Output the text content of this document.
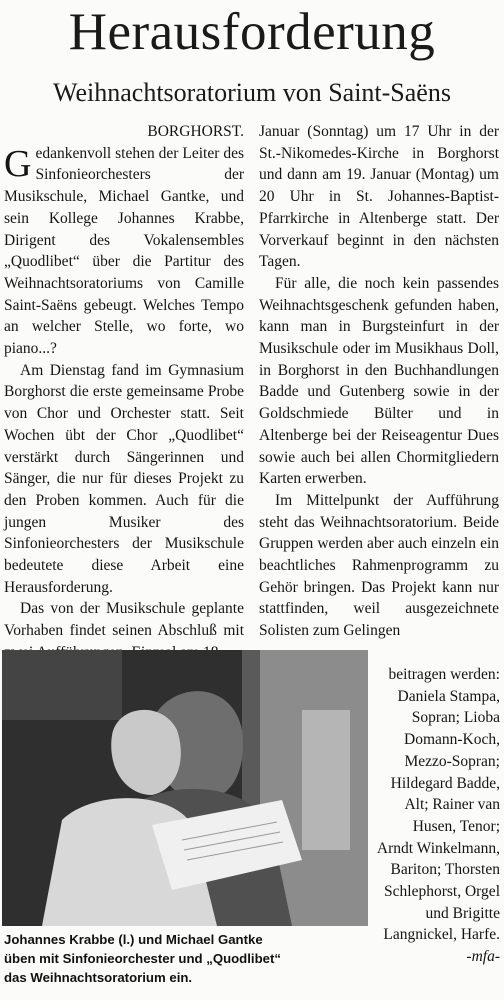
Herausforderung
Weihnachtsoratorium von Saint-Saëns
BORGHORST.

Gedankenvoll stehen der Leiter des Sinfonieorchesters der Musikschule, Michael Gantke, und sein Kollege Johannes Krabbe, Dirigent des Vokalensembles „Quodlibet“ über die Partitur des Weihnachtsoratoriums von Camille Saint-Saëns gebeugt. Welches Tempo an welcher Stelle, wo forte, wo piano...?

Am Dienstag fand im Gymnasium Borghorst die erste gemeinsame Probe von Chor und Orchester statt. Seit Wochen übt der Chor „Quodlibet“ verstärkt durch Sängerinnen und Sänger, die nur für dieses Projekt zu den Proben kommen. Auch für die jungen Musiker des Sinfonieorchesters der Musikschule bedeutete diese Arbeit eine Herausforderung.

Das von der Musikschule geplante Vorhaben findet seinen Abschluß mit

Januar (Sonntag) um 17 Uhr in der St.-Nikomedes-Kirche in Borghorst und dann am 19. Januar (Montag) um 20 Uhr in St. Johannes-Baptist-Pfarrkirche in Altenberge statt. Der Vorverkauf beginnt in den nächsten Tagen.

Für alle, die noch kein passendes Weihnachtsgeschenk gefunden haben, kann man in Burgsteinfurt in der Musikschule oder im Musikhaus Doll, in Borghorst in den Buchhandlungen Badde und Gutenberg sowie in der Goldschmiede Bülter und in Altenberge bei der Reiseagentur Dues sowie auch bei allen Chormitgliedern Karten erwerben.

Im Mittelpunkt der Aufführung steht das Weihnachtsoratorium. Beide Gruppen werden aber auch einzeln ein beachtliches Rahmenprogramm zu Gehör bringen. Das Projekt kann nur stattfinden, weil ausgezeichnete Solisten zum Gelingen

beitragen werden: Daniela Stampa, Sopran; Lioba Domann-Koch, Mezzo-Sopran; Hildegard Badde, Alt; Rainer van Husen, Tenor; Arndt Winkelmann, Bariton; Thorsten Schlephorst, Orgel und Brigitte Langnickel, Harfe.

-mfa-

Johannes Krabbe (l.) und Michael Gantke
üben mit Sinfonieorchester und „Quodlibet“
das Weihnachtsoratorium ein.
